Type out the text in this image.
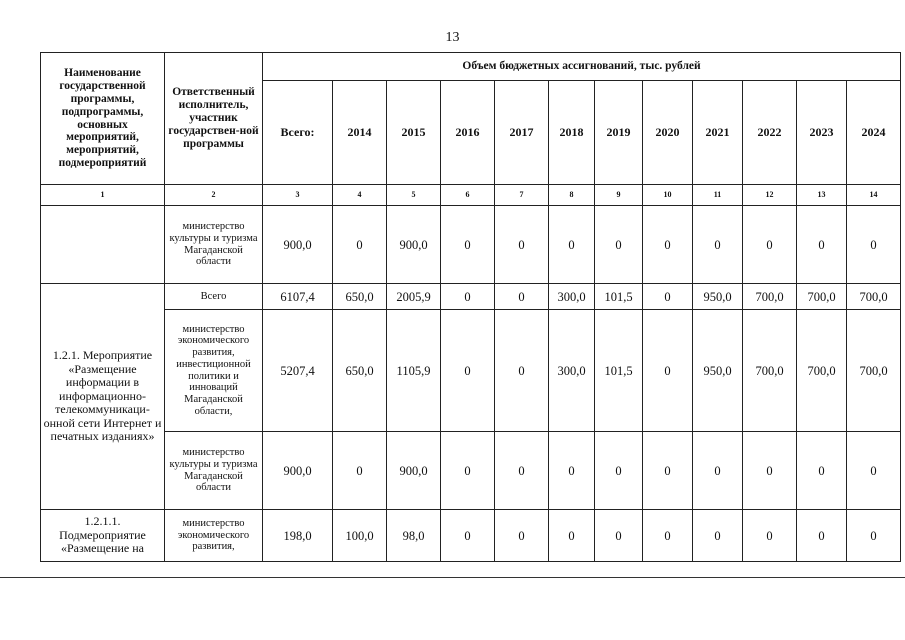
13
Наименование государственной программы, подпрограммы, основных мероприятий, мероприятий, подмероприятий	Ответственный исполнитель, участник государствен-ной программы	Объем бюджетных ассигнований, тыс. рублей											
		Всего:	2014	2015	2016	2017	2018	2019	2020	2021	2022	2023	2024
1	2	3	4	5	6	7	8	9	10	11	12	13	14
	министерство культуры и туризма Магаданской области	900,0	0	900,0	0	0	0	0	0	0	0	0	0
1.2.1. Мероприятие «Размещение информации в информационно-телекоммуникаци-онной сети Интернет и печатных изданиях»	Всего	6107,4	650,0	2005,9	0	0	300,0	101,5	0	950,0	700,0	700,0	700,0
	министерство экономического развития, инвестиционной политики и инноваций Магаданской области,	5207,4	650,0	1105,9	0	0	300,0	101,5	0	950,0	700,0	700,0	700,0
	министерство культуры и туризма Магаданской области	900,0	0	900,0	0	0	0	0	0	0	0	0	0
1.2.1.1. Подмероприятие «Размещение на	министерство экономического развития,	198,0	100,0	98,0	0	0	0	0	0	0	0	0	0
